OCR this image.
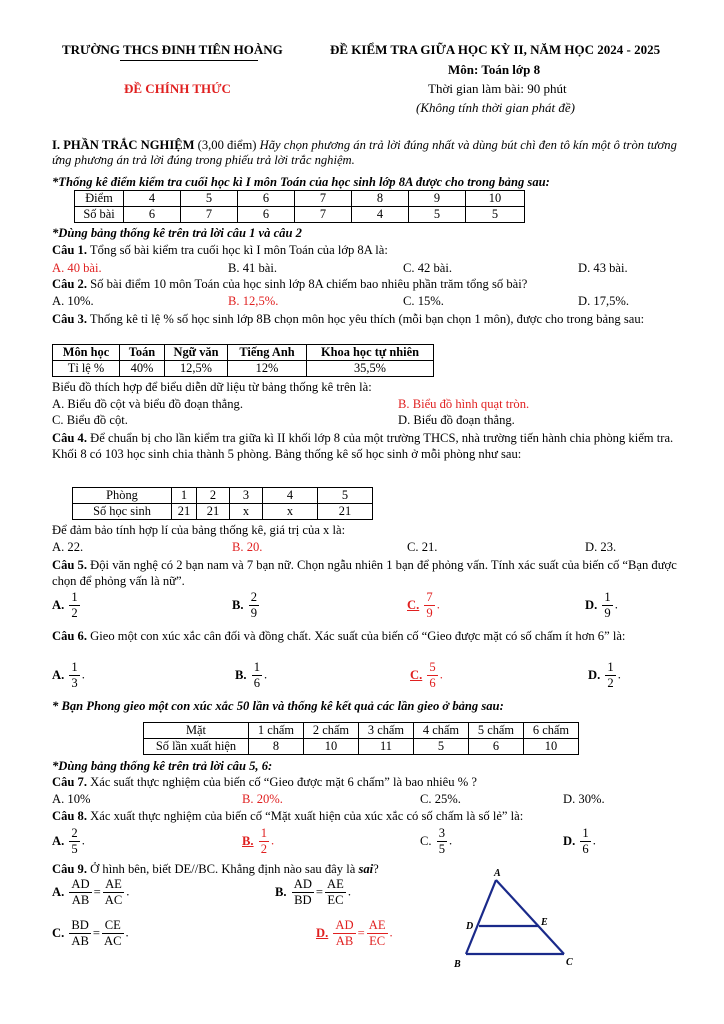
TRƯỜNG THCS ĐINH TIÊN HOÀNG	ĐỀ KIỂM TRA GIỮA HỌC KỲ II, NĂM HỌC 2024 - 2025
Môn: Toán lớp 8
ĐỀ CHÍNH THỨC	Thời gian làm bài: 90 phút
(Không tính thời gian phát đề)
I. PHẦN TRẮC NGHIỆM (3,00 điểm) Hãy chọn phương án trả lời đúng nhất và dùng bút chì đen tô kín một ô tròn tương ứng phương án trả lời đúng trong phiếu trả lời trắc nghiệm.
*Thống kê điểm kiểm tra cuối học kì I môn Toán của học sinh lớp 8A được cho trong bảng sau:
Điểm	4	5	6	7	8	9	10
Số bài	6	7	6	7	4	5	5
*Dùng bảng thống kê trên trả lời câu 1 và câu 2
Câu 1. Tổng số bài kiểm tra cuối học kì I môn Toán của lớp 8A là:
A. 40 bài.	B. 41 bài.	C. 42 bài.	D. 43 bài.
Câu 2. Số bài điểm 10 môn Toán của học sinh lớp 8A chiếm bao nhiêu phần trăm tổng số bài?
A. 10%.	B. 12,5%.	C. 15%.	D. 17,5%.
Câu 3. Thống kê tỉ lệ % số học sinh lớp 8B chọn môn học yêu thích (mỗi bạn chọn 1 môn), được cho trong bảng sau:
Môn học	Toán	Ngữ văn	Tiếng Anh	Khoa học tự nhiên
Tỉ lệ %	40%	12,5%	12%	35,5%
Biểu đồ thích hợp để biểu diễn dữ liệu từ bảng thống kê trên là:
A. Biểu đồ cột và biểu đồ đoạn thẳng.	B. Biểu đồ hình quạt tròn.
C. Biểu đồ cột.	D. Biểu đồ đoạn thẳng.
Câu 4. Để chuẩn bị cho lần kiểm tra giữa kì II khối lớp 8 của một trường THCS, nhà trường tiến hành chia phòng kiểm tra. Khối 8 có 103 học sinh chia thành 5 phòng. Bảng thống kê số học sinh ở mỗi phòng như sau:
Phòng	1	2	3	4	5
Số học sinh	21	21	x	x	21
Để đảm bảo tính hợp lí của bảng thống kê, giá trị của x là:
A. 22.	B. 20.	C. 21.	D. 23.
Câu 5. Đội văn nghệ có 2 bạn nam và 7 bạn nữ. Chọn ngẫu nhiên 1 bạn để phỏng vấn. Tính xác suất của biến cố “Bạn được chọn để phỏng vấn là nữ”.
A. $\frac{1}{2}$	B. $\frac{2}{9}$	C. $\frac{7}{9}$ .	D. $\frac{1}{9}$ .
Câu 6. Gieo một con xúc xắc cân đối và đồng chất. Xác suất của biến cố “Gieo được mặt có số chấm ít hơn 6” là:
A. $\frac{1}{3}$ .	B. $\frac{1}{6}$ .	C. $\frac{5}{6}$ .	D. $\frac{1}{2}$ .
* Bạn Phong gieo một con xúc xắc 50 lần và thống kê kết quả các lần gieo ở bảng sau:
Mặt	1 chấm	2 chấm	3 chấm	4 chấm	5 chấm	6 chấm
Số lần xuất hiện	8	10	11	5	6	10
*Dùng bảng thống kê trên trả lời câu 5, 6:
Câu 7. Xác suất thực nghiệm của biến cố “Gieo được mặt 6 chấm” là bao nhiêu % ?
A. 10%	B. 20%.	C. 25%.	D. 30%.
Câu 8. Xác xuất thực nghiệm của biến cố “Mặt xuất hiện của xúc xắc có số chấm là số lẻ” là:
A. $\frac{2}{5}$ .	B. $\frac{1}{2}$ .	C. $\frac{3}{5}$ .	D. $\frac{1}{6}$ .
Câu 9. Ở hình bên, biết DE//BC. Khẳng định nào sau đây là sai?
A. $\frac{AD}{AB} = \frac{AE}{AC}$ .	B. $\frac{AD}{BD} = \frac{AE}{EC}$ .
C. $\frac{BD}{AB} = \frac{CE}{AC}$ .	D. $\frac{AD}{AB} = \frac{AE}{EC}$ .
A
B	C
D	E
